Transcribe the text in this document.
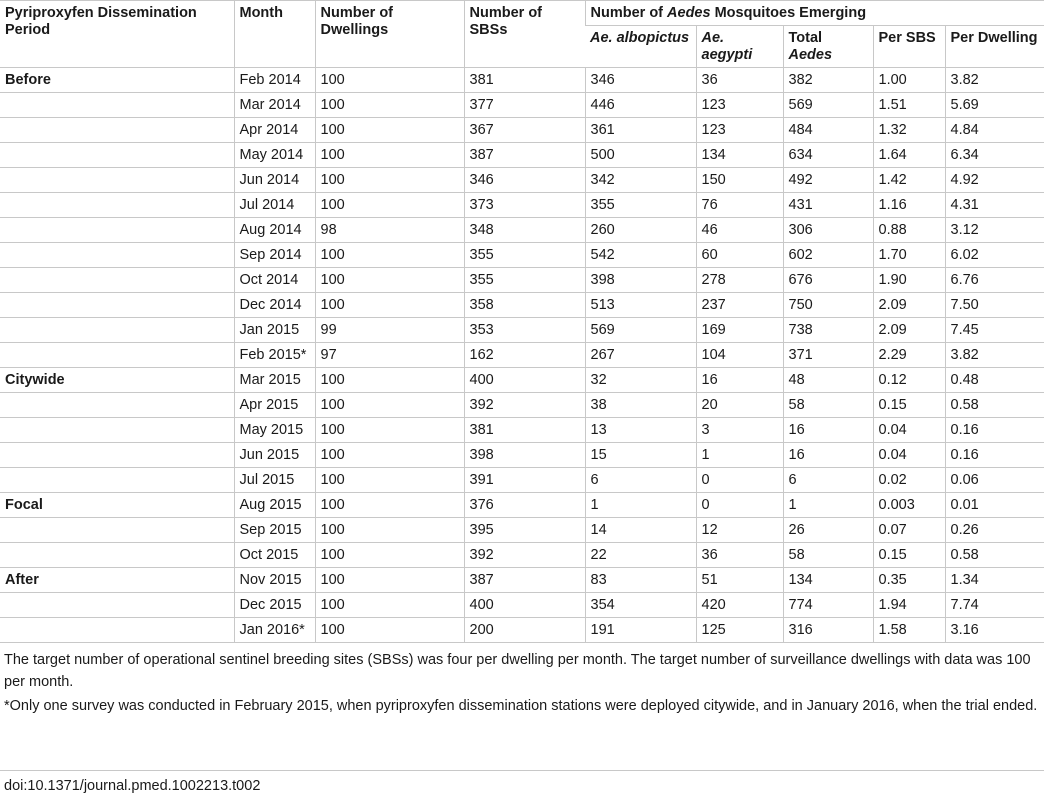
Pyriproxyfen Dissemination Period	Month	Number of Dwellings	Number of SBSs	Number of Aedes Mosquitoes Emerging				
				Ae. albopictus	Ae. aegypti	Total Aedes	Per SBS	Per Dwelling
Before	Feb 2014	100	381	346	36	382	1.00	3.82
	Mar 2014	100	377	446	123	569	1.51	5.69
	Apr 2014	100	367	361	123	484	1.32	4.84
	May 2014	100	387	500	134	634	1.64	6.34
	Jun 2014	100	346	342	150	492	1.42	4.92
	Jul 2014	100	373	355	76	431	1.16	4.31
	Aug 2014	98	348	260	46	306	0.88	3.12
	Sep 2014	100	355	542	60	602	1.70	6.02
	Oct 2014	100	355	398	278	676	1.90	6.76
	Dec 2014	100	358	513	237	750	2.09	7.50
	Jan 2015	99	353	569	169	738	2.09	7.45
	Feb 2015*	97	162	267	104	371	2.29	3.82
Citywide	Mar 2015	100	400	32	16	48	0.12	0.48
	Apr 2015	100	392	38	20	58	0.15	0.58
	May 2015	100	381	13	3	16	0.04	0.16
	Jun 2015	100	398	15	1	16	0.04	0.16
	Jul 2015	100	391	6	0	6	0.02	0.06
Focal	Aug 2015	100	376	1	0	1	0.003	0.01
	Sep 2015	100	395	14	12	26	0.07	0.26
	Oct 2015	100	392	22	36	58	0.15	0.58
After	Nov 2015	100	387	83	51	134	0.35	1.34
	Dec 2015	100	400	354	420	774	1.94	7.74
	Jan 2016*	100	200	191	125	316	1.58	3.16

The target number of operational sentinel breeding sites (SBSs) was four per dwelling per month. The target number of surveillance dwellings with data was 100 per month.

*Only one survey was conducted in February 2015, when pyriproxyfen dissemination stations were deployed citywide, and in January 2016, when the trial ended.

doi:10.1371/journal.pmed.1002213.t002
